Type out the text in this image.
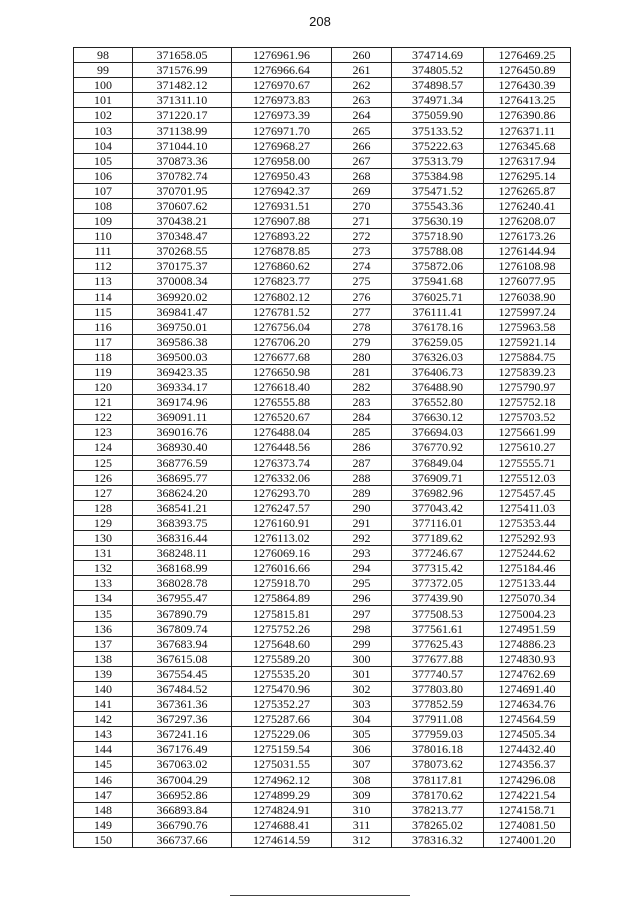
208
98	371658.05	1276961.96	260	374714.69	1276469.25
99	371576.99	1276966.64	261	374805.52	1276450.89
100	371482.12	1276970.67	262	374898.57	1276430.39
101	371311.10	1276973.83	263	374971.34	1276413.25
102	371220.17	1276973.39	264	375059.90	1276390.86
103	371138.99	1276971.70	265	375133.52	1276371.11
104	371044.10	1276968.27	266	375222.63	1276345.68
105	370873.36	1276958.00	267	375313.79	1276317.94
106	370782.74	1276950.43	268	375384.98	1276295.14
107	370701.95	1276942.37	269	375471.52	1276265.87
108	370607.62	1276931.51	270	375543.36	1276240.41
109	370438.21	1276907.88	271	375630.19	1276208.07
110	370348.47	1276893.22	272	375718.90	1276173.26
111	370268.55	1276878.85	273	375788.08	1276144.94
112	370175.37	1276860.62	274	375872.06	1276108.98
113	370008.34	1276823.77	275	375941.68	1276077.95
114	369920.02	1276802.12	276	376025.71	1276038.90
115	369841.47	1276781.52	277	376111.41	1275997.24
116	369750.01	1276756.04	278	376178.16	1275963.58
117	369586.38	1276706.20	279	376259.05	1275921.14
118	369500.03	1276677.68	280	376326.03	1275884.75
119	369423.35	1276650.98	281	376406.73	1275839.23
120	369334.17	1276618.40	282	376488.90	1275790.97
121	369174.96	1276555.88	283	376552.80	1275752.18
122	369091.11	1276520.67	284	376630.12	1275703.52
123	369016.76	1276488.04	285	376694.03	1275661.99
124	368930.40	1276448.56	286	376770.92	1275610.27
125	368776.59	1276373.74	287	376849.04	1275555.71
126	368695.77	1276332.06	288	376909.71	1275512.03
127	368624.20	1276293.70	289	376982.96	1275457.45
128	368541.21	1276247.57	290	377043.42	1275411.03
129	368393.75	1276160.91	291	377116.01	1275353.44
130	368316.44	1276113.02	292	377189.62	1275292.93
131	368248.11	1276069.16	293	377246.67	1275244.62
132	368168.99	1276016.66	294	377315.42	1275184.46
133	368028.78	1275918.70	295	377372.05	1275133.44
134	367955.47	1275864.89	296	377439.90	1275070.34
135	367890.79	1275815.81	297	377508.53	1275004.23
136	367809.74	1275752.26	298	377561.61	1274951.59
137	367683.94	1275648.60	299	377625.43	1274886.23
138	367615.08	1275589.20	300	377677.88	1274830.93
139	367554.45	1275535.20	301	377740.57	1274762.69
140	367484.52	1275470.96	302	377803.80	1274691.40
141	367361.36	1275352.27	303	377852.59	1274634.76
142	367297.36	1275287.66	304	377911.08	1274564.59
143	367241.16	1275229.06	305	377959.03	1274505.34
144	367176.49	1275159.54	306	378016.18	1274432.40
145	367063.02	1275031.55	307	378073.62	1274356.37
146	367004.29	1274962.12	308	378117.81	1274296.08
147	366952.86	1274899.29	309	378170.62	1274221.54
148	366893.84	1274824.91	310	378213.77	1274158.71
149	366790.76	1274688.41	311	378265.02	1274081.50
150	366737.66	1274614.59	312	378316.32	1274001.20
